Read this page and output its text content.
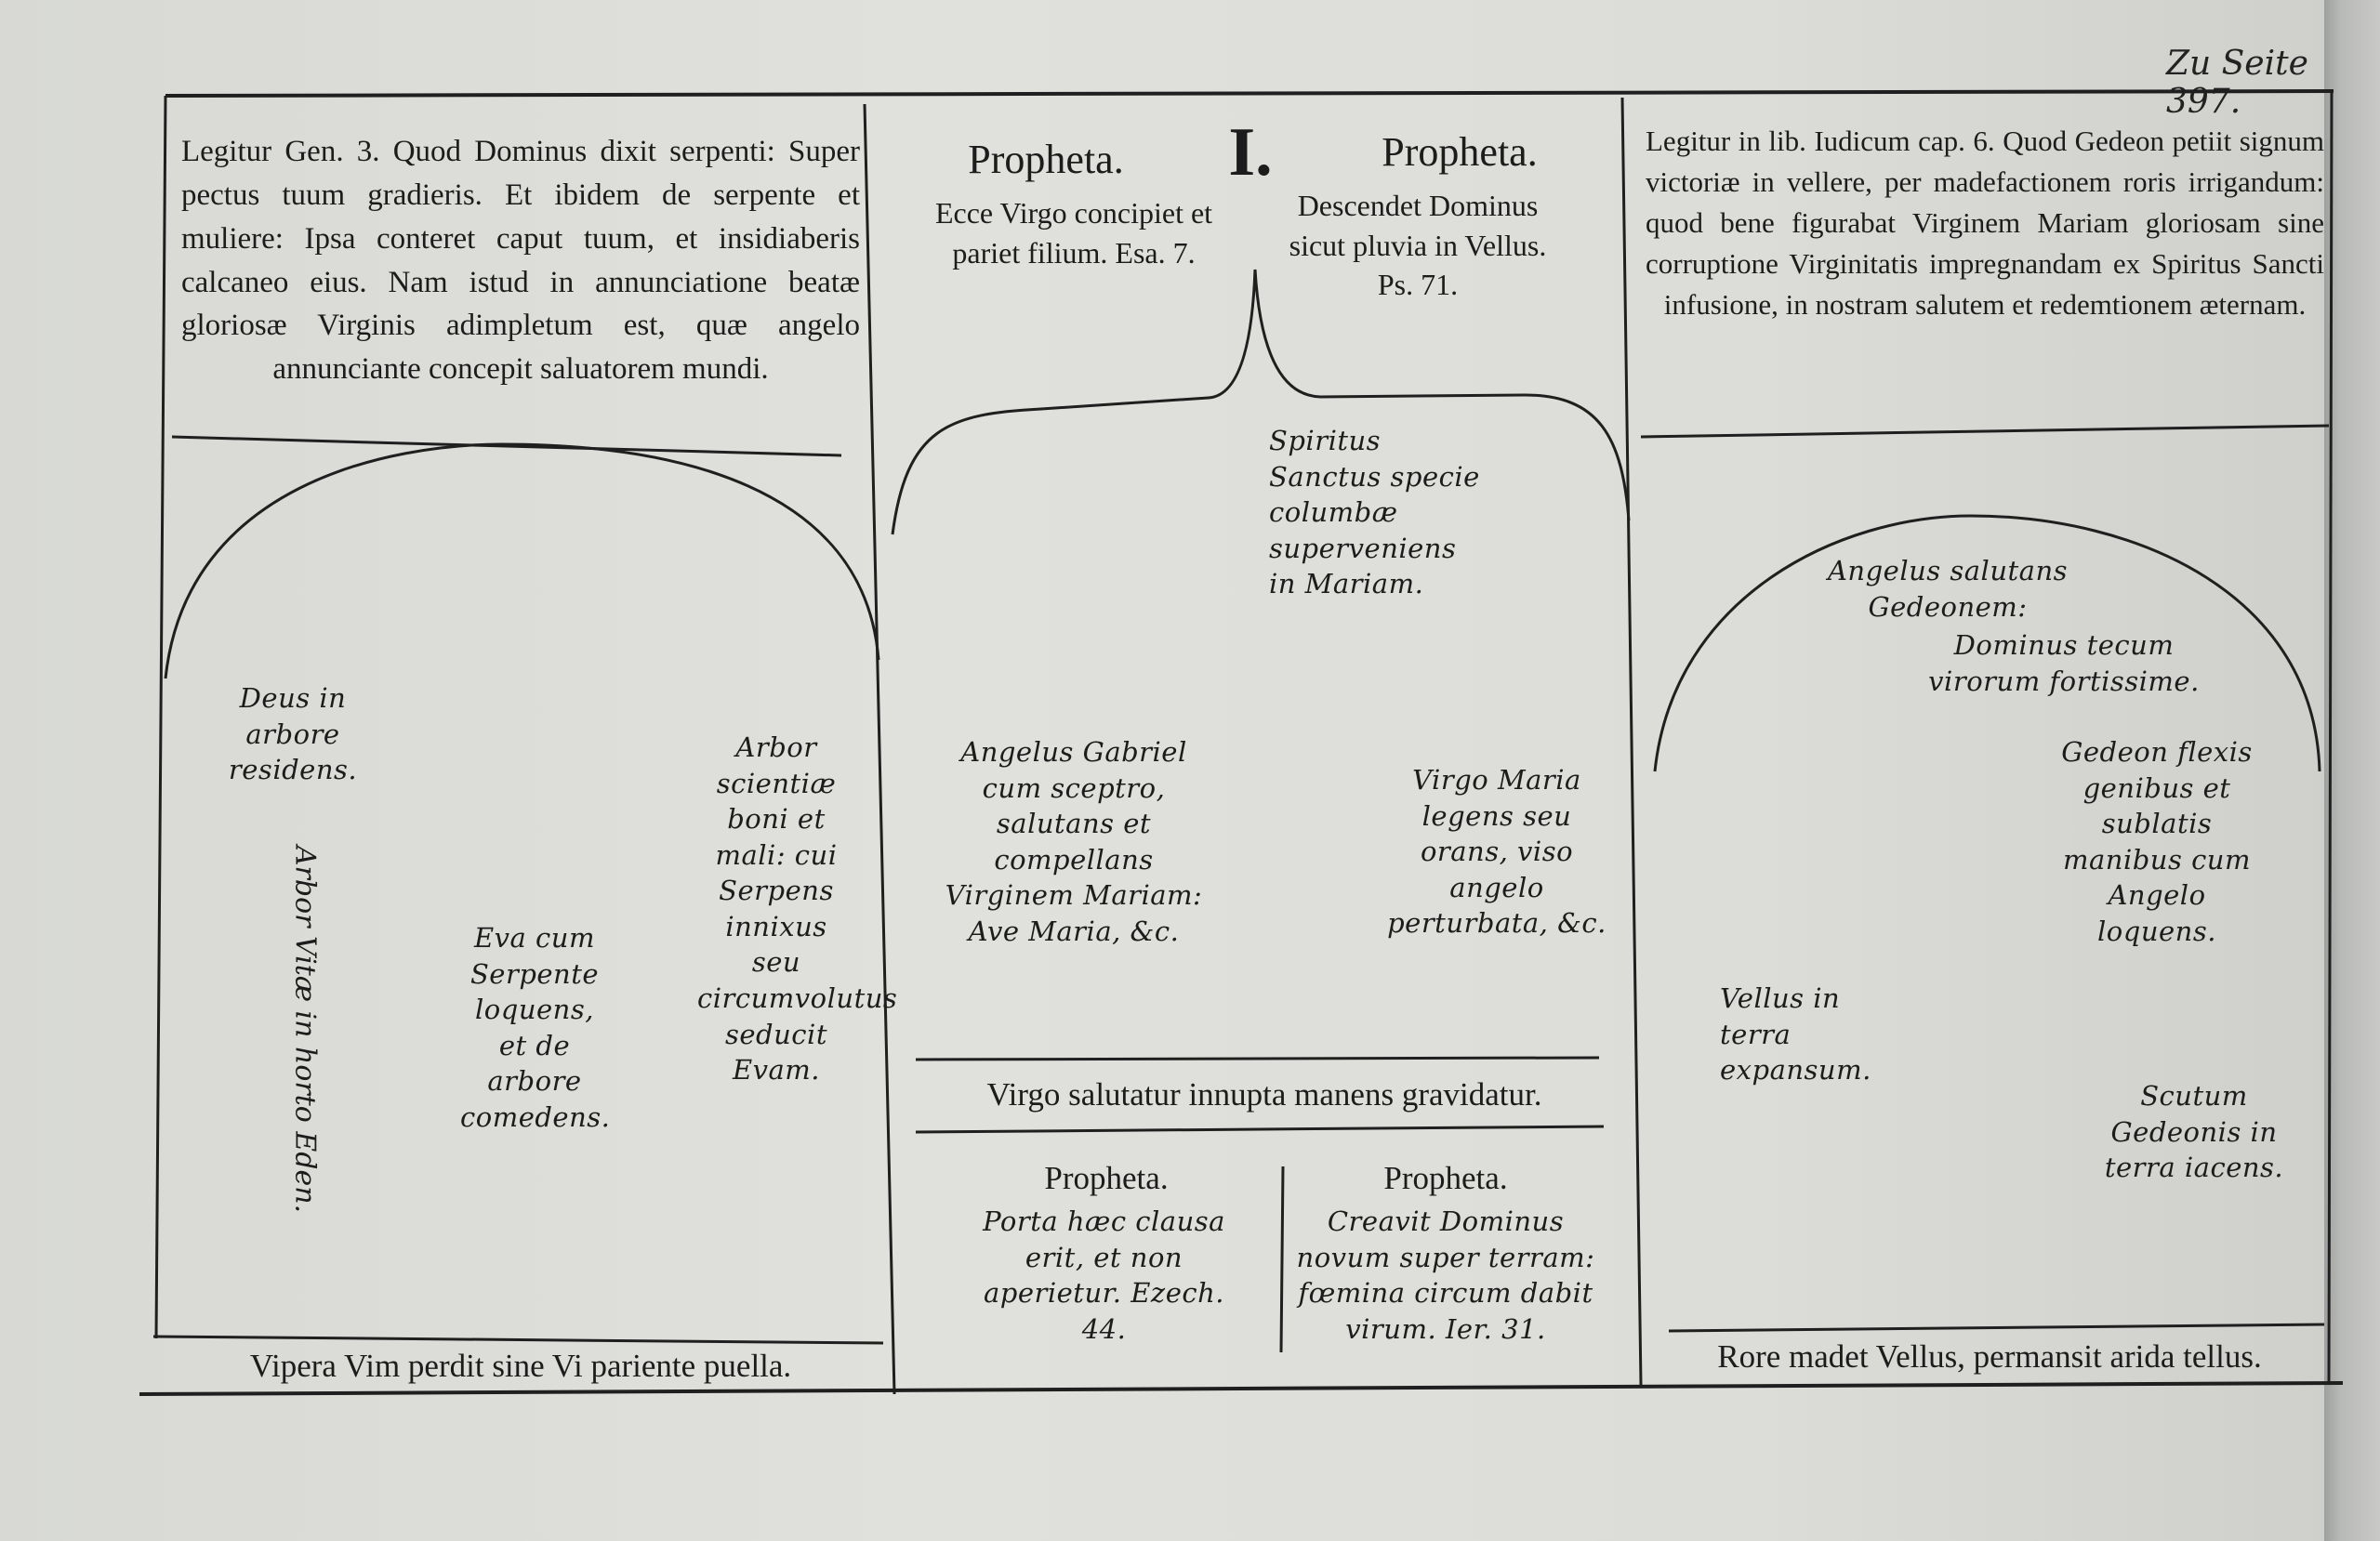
Zu Seite 397.
Legitur Gen. 3. Quod Dominus dixit serpenti: Super pectus tuum gradieris. Et ibidem de serpente et muliere: Ipsa conteret caput tuum, et insidiaberis calcaneo eius. Nam istud in annunciatione beatæ gloriosæ Virginis adimpletum est, quæ angelo annunciante concepit saluatorem mundi.
Deus in arbore residens.
Arbor Vitæ in horto Eden.	Eva cum Serpente loquens, et de arbore comedens.
Arbor scientiæ boni et mali: cui Serpens innixus seu circumvolutus seducit Evam.
Vipera Vim perdit sine Vi pariente puella.
Propheta.	I.	Propheta.
Ecce Virgo concipiet et pariet filium. Esa. 7.
Descendet Dominus sicut pluvia in Vellus. Ps. 71.
Spiritus Sanctus specie columbæ superveniens in Mariam.
Angelus Gabriel cum sceptro, salutans et compellans Virginem Mariam: Ave Maria, &c.
Virgo Maria legens seu orans, viso angelo perturbata, &c.
Virgo salutatur innupta manens gravidatur.
Propheta.
Porta hæc clausa erit, et non aperietur. Ezech. 44.
Propheta.
Creavit Dominus novum super terram: fœmina circum dabit virum. Ier. 31.
Legitur in lib. Iudicum cap. 6. Quod Gedeon petiit signum victoriæ in vellere, per madefactionem roris irrigandum: quod bene figurabat Virginem Mariam gloriosam sine corruptione Virginitatis impregnandam ex Spiritus Sancti infusione, in nostram salutem et redemtionem æternam.
Angelus salutans Gedeonem:
Dominus tecum virorum fortissime.
Gedeon flexis genibus et sublatis manibus cum Angelo loquens.
Vellus in terra expansum.
Scutum Gedeonis in terra iacens.
Rore madet Vellus, permansit arida tellus.
